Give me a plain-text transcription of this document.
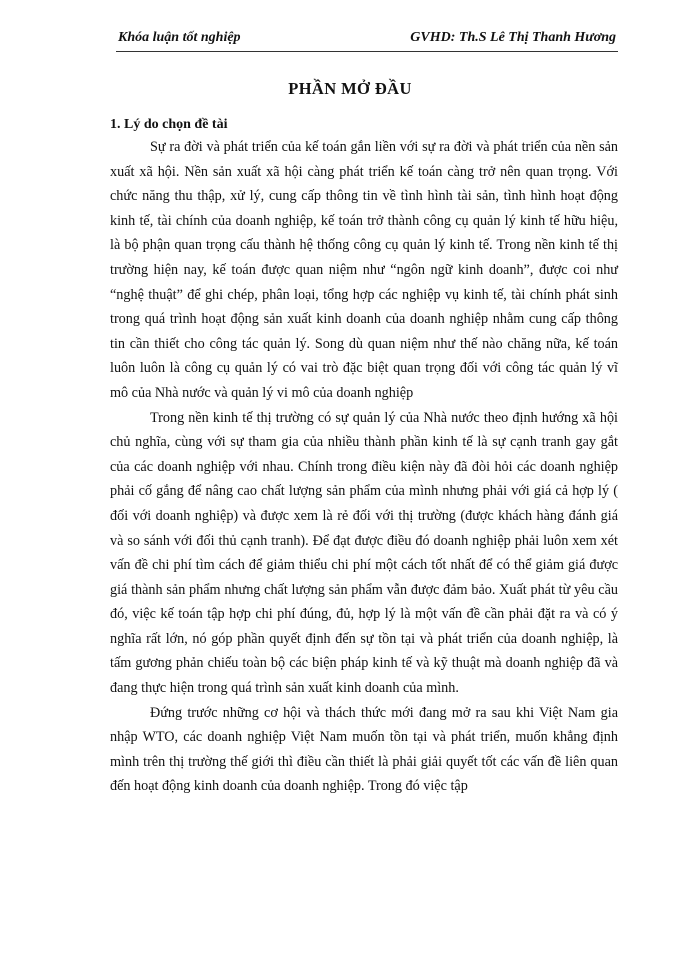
Khóa luận tốt nghiệp	GVHD: Th.S Lê Thị Thanh Hương
PHẦN MỞ ĐẦU
1. Lý do chọn đề tài

Sự ra đời và phát triển của kế toán gắn liền với sự ra đời và phát triển của nền sản xuất xã hội. Nền sản xuất xã hội càng phát triển kế toán càng trở nên quan trọng. Với chức năng thu thập, xử lý, cung cấp thông tin về tình hình tài sản, tình hình hoạt động kinh tế, tài chính của doanh nghiệp, kế toán trở thành công cụ quản lý kinh tế hữu hiệu, là bộ phận quan trọng cấu thành hệ thống công cụ quản lý kinh tế. Trong nền kinh tế thị trường hiện nay, kế toán được quan niệm như “ngôn ngữ kinh doanh”, được coi như “nghệ thuật” để ghi chép, phân loại, tổng hợp các nghiệp vụ kinh tế, tài chính phát sinh trong quá trình hoạt động sản xuất kinh doanh của doanh nghiệp nhằm cung cấp thông tin cần thiết cho công tác quản lý. Song dù quan niệm như thế nào chăng nữa, kế toán luôn luôn là công cụ quản lý có vai trò đặc biệt quan trọng đối với công tác quản lý vĩ mô của Nhà nước và quản lý vi mô của doanh nghiệp

Trong nền kinh tế thị trường có sự quản lý của Nhà nước theo định hướng xã hội chủ nghĩa, cùng với sự tham gia của nhiều thành phần kinh tế là sự cạnh tranh gay gắt của các doanh nghiệp với nhau. Chính trong điều kiện này đã đòi hỏi các doanh nghiệp phải cố gắng để nâng cao chất lượng sản phẩm của mình nhưng phải với giá cả hợp lý ( đối với doanh nghiệp) và được xem là rẻ đối với thị trường (được khách hàng đánh giá và so sánh với đối thủ cạnh tranh). Để đạt được điều đó doanh nghiệp phải luôn xem xét vấn đề chi phí tìm cách để giảm thiểu chi phí một cách tốt nhất để có thể giảm giá được giá thành sản phẩm nhưng chất lượng sản phẩm vẫn được đảm bảo. Xuất phát từ yêu cầu đó, việc kế toán tập hợp chi phí đúng, đủ, hợp lý là một vấn đề cần phải đặt ra và có ý nghĩa rất lớn, nó góp phần quyết định đến sự tồn tại và phát triển của doanh nghiệp, là tấm gương phản chiếu toàn bộ các biện pháp kinh tế và kỹ thuật mà doanh nghiệp đã và đang thực hiện trong quá trình sản xuất kinh doanh của mình.

Đứng trước những cơ hội và thách thức mới đang mở ra sau khi Việt Nam gia nhập WTO, các doanh nghiệp Việt Nam muốn tồn tại và phát triển, muốn khẳng định mình trên thị trường thế giới thì điều cần thiết là phải giải quyết tốt các vấn đề liên quan đến hoạt động kinh doanh của doanh nghiệp. Trong đó việc tập
